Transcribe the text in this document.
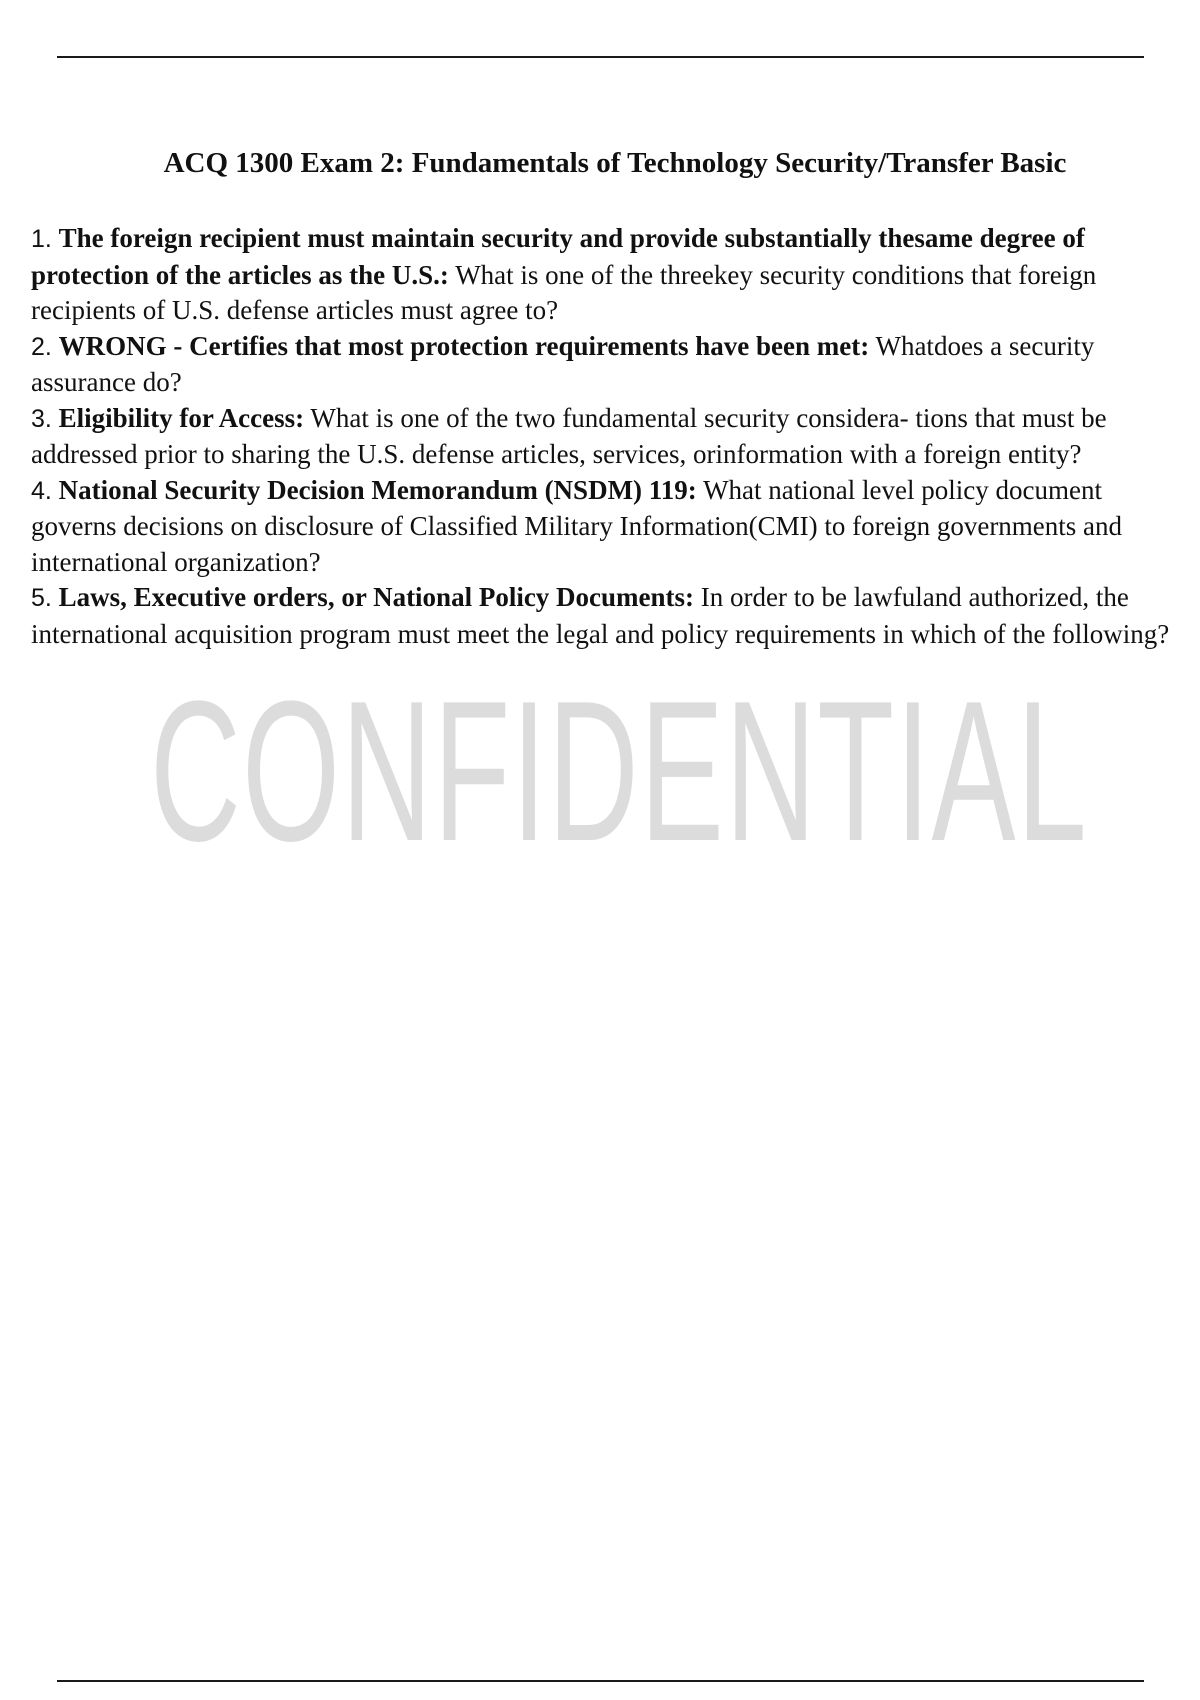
CONFIDENTIAL
ACQ 1300 Exam 2: Fundamentals of Technology Security/Transfer Basic
1. The foreign recipient must maintain security and provide substantially thesame degree of protection of the articles as the U.S.: What is one of the threekey security conditions that foreign recipients of U.S. defense articles must agree to?
2. WRONG - Certifies that most protection requirements have been met: Whatdoes a security assurance do?
3. Eligibility for Access: What is one of the two fundamental security considera- tions that must be addressed prior to sharing the U.S. defense articles, services, orinformation with a foreign entity?
4. National Security Decision Memorandum (NSDM) 119: What national level policy document governs decisions on disclosure of Classified Military Information(CMI) to foreign governments and international organization?
5. Laws, Executive orders, or National Policy Documents: In order to be lawfuland authorized, the international acquisition program must meet the legal and policy requirements in which of the following?
